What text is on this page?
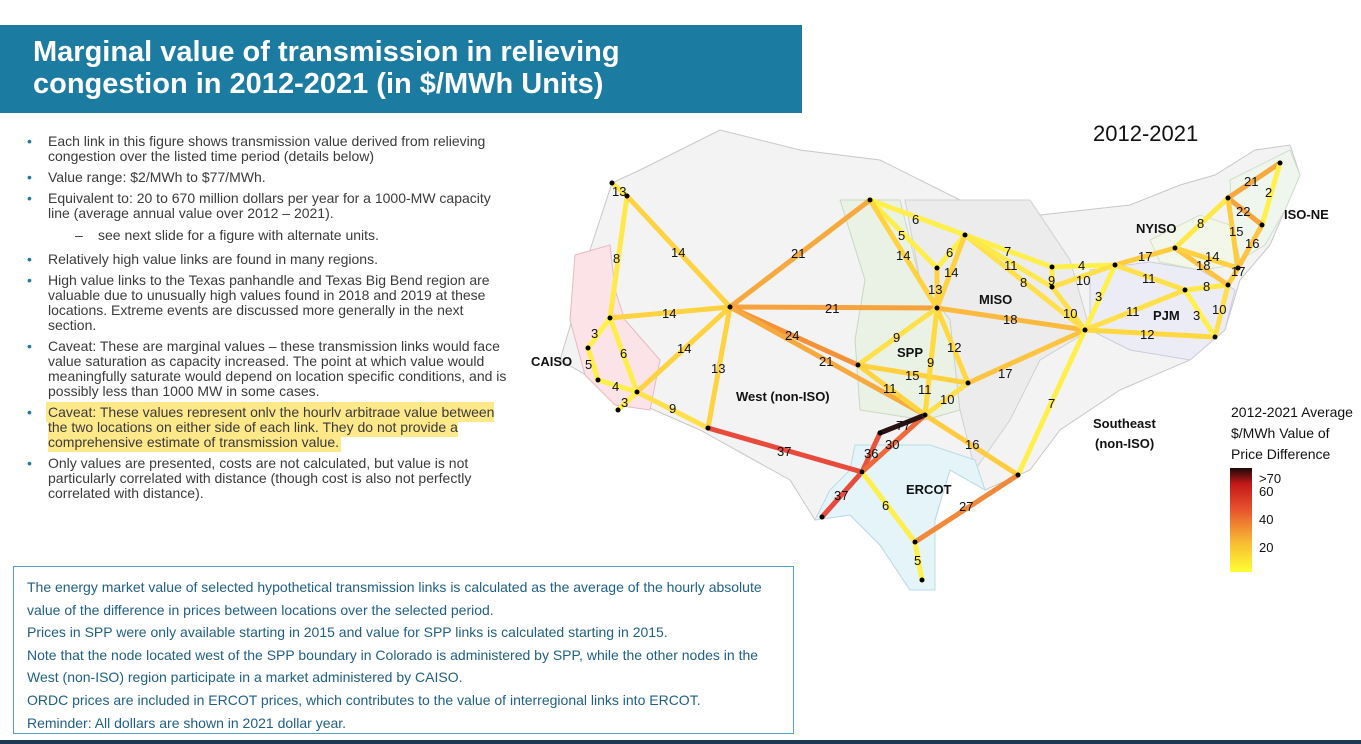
Marginal value of transmission in relieving congestion in 2012-2021 (in $/MWh Units)
• Each link in this figure shows transmission value derived from relieving congestion over the listed time period (details below)
• Value range: $2/MWh to $77/MWh.
• Equivalent to: 20 to 670 million dollars per year for a 1000-MW capacity line (average annual value over 2012 – 2021).
– see next slide for a figure with alternate units.
• Relatively high value links are found in many regions.
• High value links to the Texas panhandle and Texas Big Bend region are valuable due to unusually high values found in 2018 and 2019 at these locations. Extreme events are discussed more generally in the next section.
• Caveat: These are marginal values – these transmission links would face value saturation as capacity increased. The point at which value would meaningfully saturate would depend on location specific conditions, and is possibly less than 1000 MW in some cases.
• Caveat: These values represent only the hourly arbitrage value between the two locations on either side of each link. They do not provide a comprehensive estimate of transmission value.
• Only values are presented, costs are not calculated, but value is not particularly correlated with distance (though cost is also not perfectly correlated with distance).

The energy market value of selected hypothetical transmission links is calculated as the average of the hourly absolute value of the difference in prices between locations over the selected period.

Prices in SPP were only available starting in 2015 and value for SPP links is calculated starting in 2015.

Note that the node located west of the SPP boundary in Colorado is administered by SPP, while the other nodes in the West (non-ISO) region participate in a market administered by CAISO.

ORDC prices are included in ERCOT prices, which contributes to the value of interregional links into ERCOT.

Reminder: All dollars are shown in 2021 dollar year.

13
8	14
14
14
13
9
3
6
5
4
3
21
21
24
21
11
37
37
36
30
77
6
5
14	6
14
13
9
9
12
15
11
10
16
18
17
7
27
6
5
7
11
8 9
10
4
10
3
17
11
11
12
8
18
14
17
8
3 10
21
2
22
15
16
CAISO
West (non-ISO)
SPP
MISO
ERCOT
Southeast
(non-ISO)
PJM
NYISO
ISO-NE
2012-2021
2012-2021 Average
$/MWh Value of
Price Difference
>70
60
40
20
